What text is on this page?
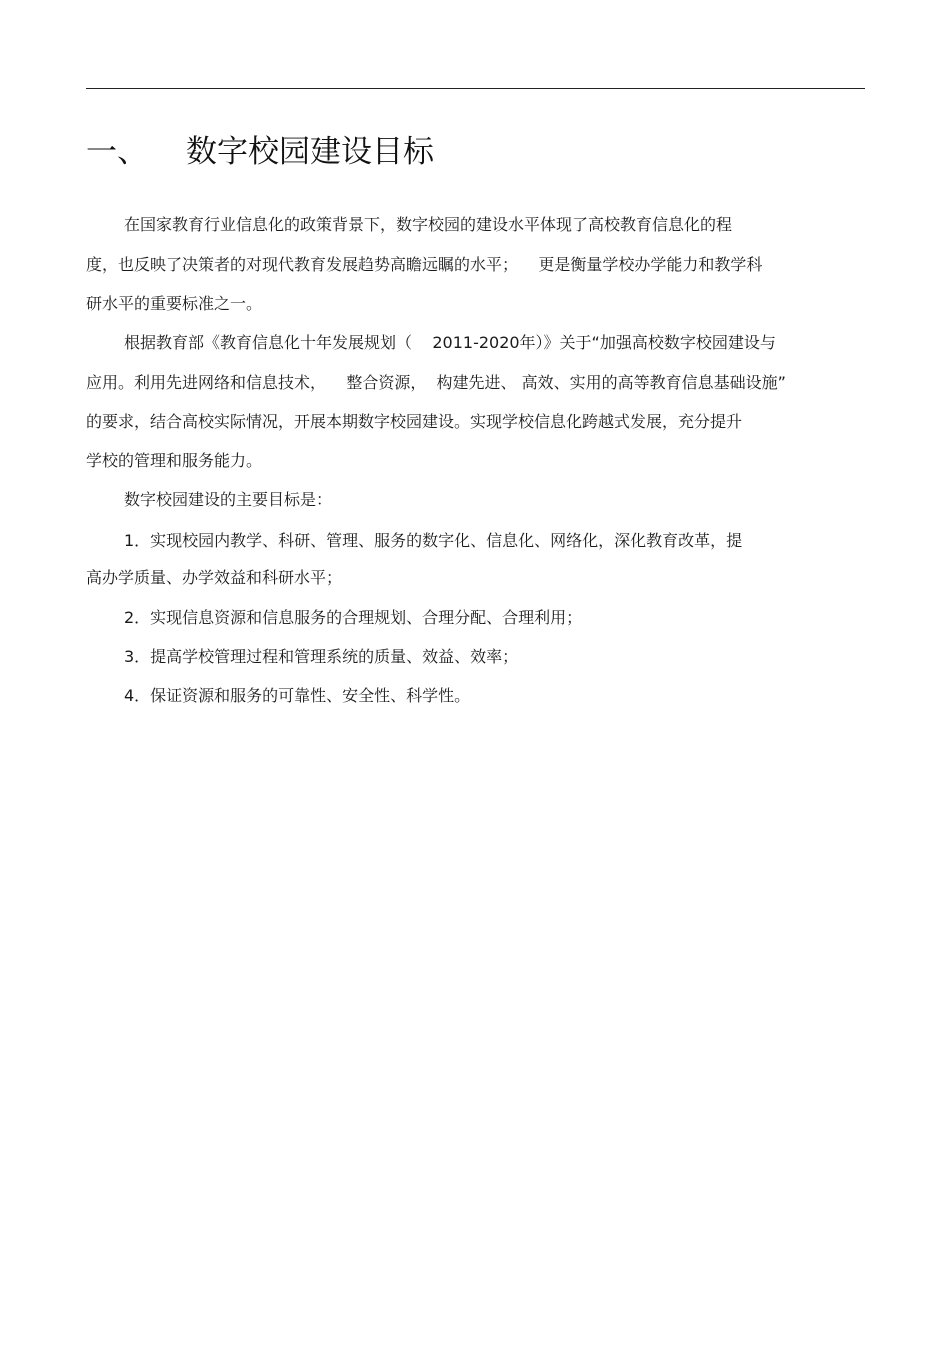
一、 数字校园建设目标
在国家教育行业信息化的政策背景下，数字校园的建设水平体现了高校教育信息化的程
度，也反映了决策者的对现代教育发展趋势高瞻远瞩的水平；    更是衡量学校办学能力和教学科
研水平的重要标准之一。
根据教育部《教育信息化十年发展规划（    2011-2020年）》关于“加强高校数字校园建设与
应用。利用先进网络和信息技术，    整合资源，  构建先进、 高效、实用的高等教育信息基础设施”
的要求，结合高校实际情况，开展本期数字校园建设。实现学校信息化跨越式发展，充分提升
学校的管理和服务能力。
数字校园建设的主要目标是：
1．实现校园内教学、科研、管理、服务的数字化、信息化、网络化，深化教育改革，提
高办学质量、办学效益和科研水平；
2．实现信息资源和信息服务的合理规划、合理分配、合理利用；
3．提高学校管理过程和管理系统的质量、效益、效率；
4．保证资源和服务的可靠性、安全性、科学性。
